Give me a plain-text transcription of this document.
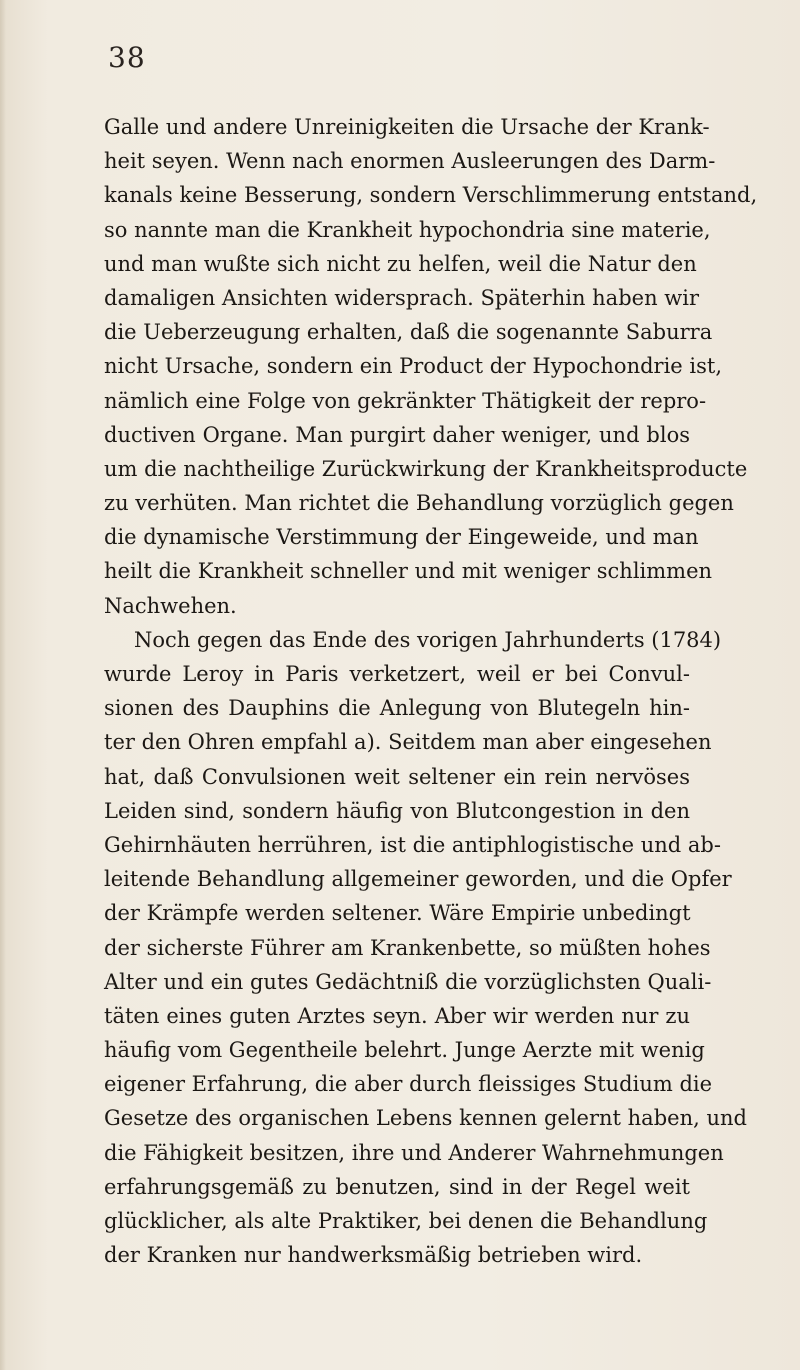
38
Galle und andere Unreinigkeiten die Ursache der Krank-
heit seyen. Wenn nach enormen Ausleerungen des Darm-
kanals keine Besserung, sondern Verschlimmerung entstand,
so nannte man die Krankheit hypochondria sine materie,
und man wußte sich nicht zu helfen, weil die Natur den
damaligen Ansichten widersprach. Späterhin haben wir
die Ueberzeugung erhalten, daß die sogenannte Saburra
nicht Ursache, sondern ein Product der Hypochondrie ist,
nämlich eine Folge von gekränkter Thätigkeit der repro-
ductiven Organe. Man purgirt daher weniger, und blos
um die nachtheilige Zurückwirkung der Krankheitsproducte
zu verhüten. Man richtet die Behandlung vorzüglich gegen
die dynamische Verstimmung der Eingeweide, und man
heilt die Krankheit schneller und mit weniger schlimmen
Nachwehen.
Noch gegen das Ende des vorigen Jahrhunderts (1784)
wurde Leroy in Paris verketzert, weil er bei Convul-
sionen des Dauphins die Anlegung von Blutegeln hin-
ter den Ohren empfahl a). Seitdem man aber eingesehen
hat, daß Convulsionen weit seltener ein rein nervöses
Leiden sind, sondern häufig von Blutcongestion in den
Gehirnhäuten herrühren, ist die antiphlogistische und ab-
leitende Behandlung allgemeiner geworden, und die Opfer
der Krämpfe werden seltener. Wäre Empirie unbedingt
der sicherste Führer am Krankenbette, so müßten hohes
Alter und ein gutes Gedächtniß die vorzüglichsten Quali-
täten eines guten Arztes seyn. Aber wir werden nur zu
häufig vom Gegentheile belehrt. Junge Aerzte mit wenig
eigener Erfahrung, die aber durch fleissiges Studium die
Gesetze des organischen Lebens kennen gelernt haben, und
die Fähigkeit besitzen, ihre und Anderer Wahrnehmungen
erfahrungsgemäß zu benutzen, sind in der Regel weit
glücklicher, als alte Praktiker, bei denen die Behandlung
der Kranken nur handwerksmäßig betrieben wird.
